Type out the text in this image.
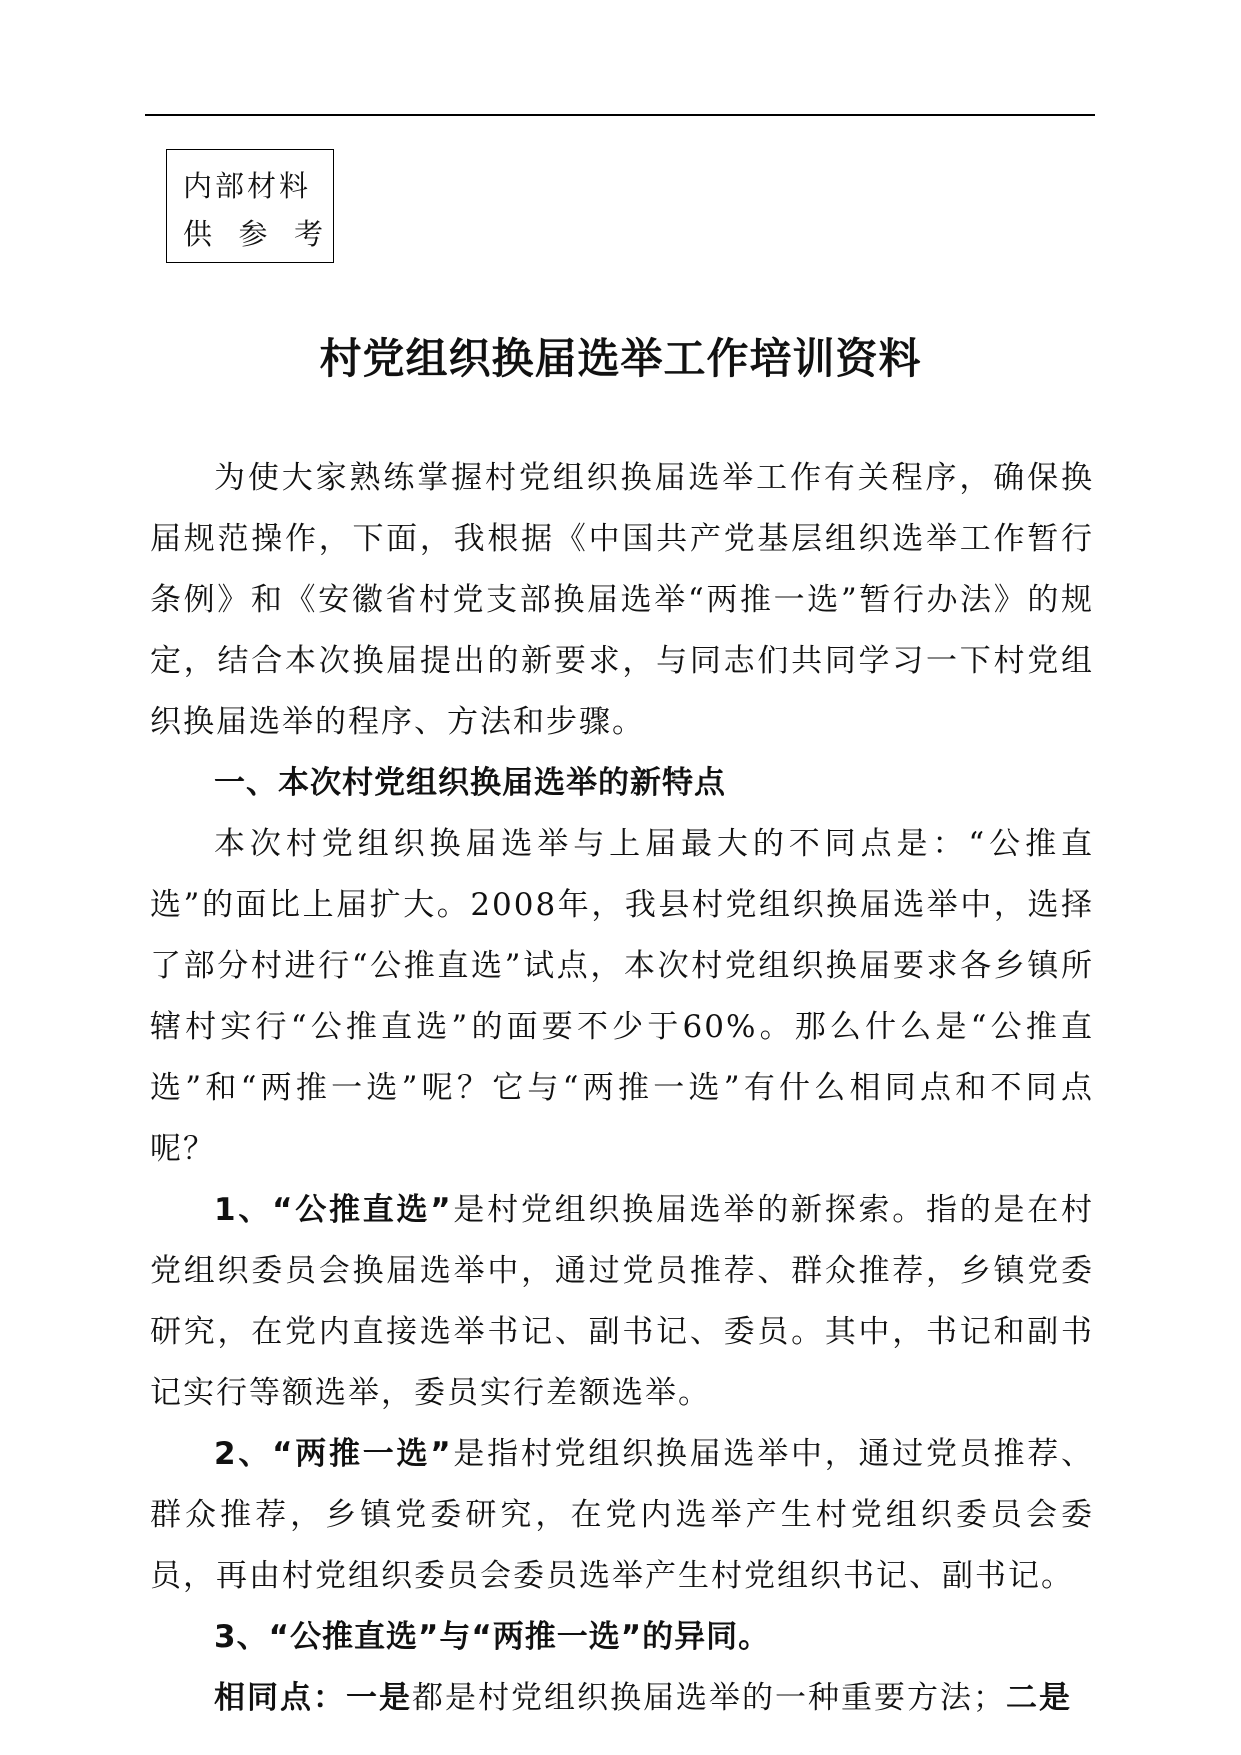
内部材料
供 参 考
村党组织换届选举工作培训资料

为使大家熟练掌握村党组织换届选举工作有关程序，确保换届规范操作，下面，我根据《中国共产党基层组织选举工作暂行条例》和《安徽省村党支部换届选举“两推一选”暂行办法》的规定，结合本次换届提出的新要求，与同志们共同学习一下村党组织换届选举的程序、方法和步骤。

一、本次村党组织换届选举的新特点

本次村党组织换届选举与上届最大的不同点是：“公推直选”的面比上届扩大。2008年，我县村党组织换届选举中，选择了部分村进行“公推直选”试点，本次村党组织换届要求各乡镇所辖村实行“公推直选”的面要不少于60%。那么什么是“公推直选”和“两推一选”呢？它与“两推一选”有什么相同点和不同点呢？

1、“公推直选”是村党组织换届选举的新探索。指的是在村党组织委员会换届选举中，通过党员推荐、群众推荐，乡镇党委研究，在党内直接选举书记、副书记、委员。其中，书记和副书记实行等额选举，委员实行差额选举。

2、“两推一选”是指村党组织换届选举中，通过党员推荐、群众推荐，乡镇党委研究，在党内选举产生村党组织委员会委员，再由村党组织委员会委员选举产生村党组织书记、副书记。

3、“公推直选”与“两推一选”的异同。

相同点：一是都是村党组织换届选举的一种重要方法；二是
